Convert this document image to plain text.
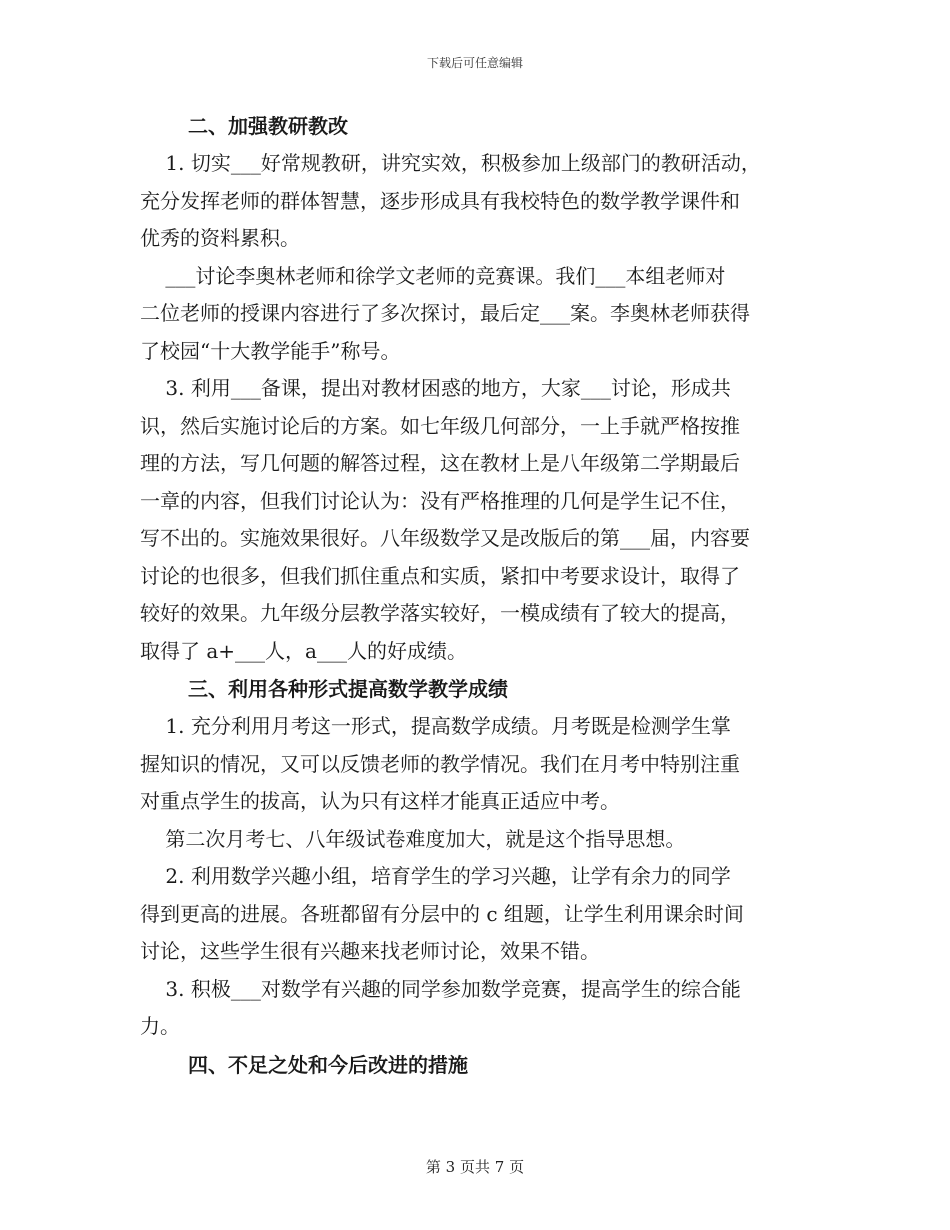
下载后可任意编辑
二、加强教研教改
1. 切实___好常规教研，讲究实效，积极参加上级部门的教研活动，
充分发挥老师的群体智慧，逐步形成具有我校特色的数学教学课件和
优秀的资料累积。
___讨论李奥林老师和徐学文老师的竞赛课。我们___本组老师对
二位老师的授课内容进行了多次探讨，最后定___案。李奥林老师获得
了校园“十大教学能手”称号。
3. 利用___备课，提出对教材困惑的地方，大家___讨论，形成共
识，然后实施讨论后的方案。如七年级几何部分，一上手就严格按推
理的方法，写几何题的解答过程，这在教材上是八年级第二学期最后
一章的内容，但我们讨论认为：没有严格推理的几何是学生记不住，
写不出的。实施效果很好。八年级数学又是改版后的第___届，内容要
讨论的也很多，但我们抓住重点和实质，紧扣中考要求设计，取得了
较好的效果。九年级分层教学落实较好，一模成绩有了较大的提高，
取得了 a+___人，a___人的好成绩。
三、利用各种形式提高数学教学成绩
1. 充分利用月考这一形式，提高数学成绩。月考既是检测学生掌
握知识的情况，又可以反馈老师的教学情况。我们在月考中特别注重
对重点学生的拔高，认为只有这样才能真正适应中考。
第二次月考七、八年级试卷难度加大，就是这个指导思想。
2. 利用数学兴趣小组，培育学生的学习兴趣，让学有余力的同学
得到更高的进展。各班都留有分层中的 c 组题，让学生利用课余时间
讨论，这些学生很有兴趣来找老师讨论，效果不错。
3. 积极___对数学有兴趣的同学参加数学竞赛，提高学生的综合能
力。
四、不足之处和今后改进的措施
第 3 页共 7 页
